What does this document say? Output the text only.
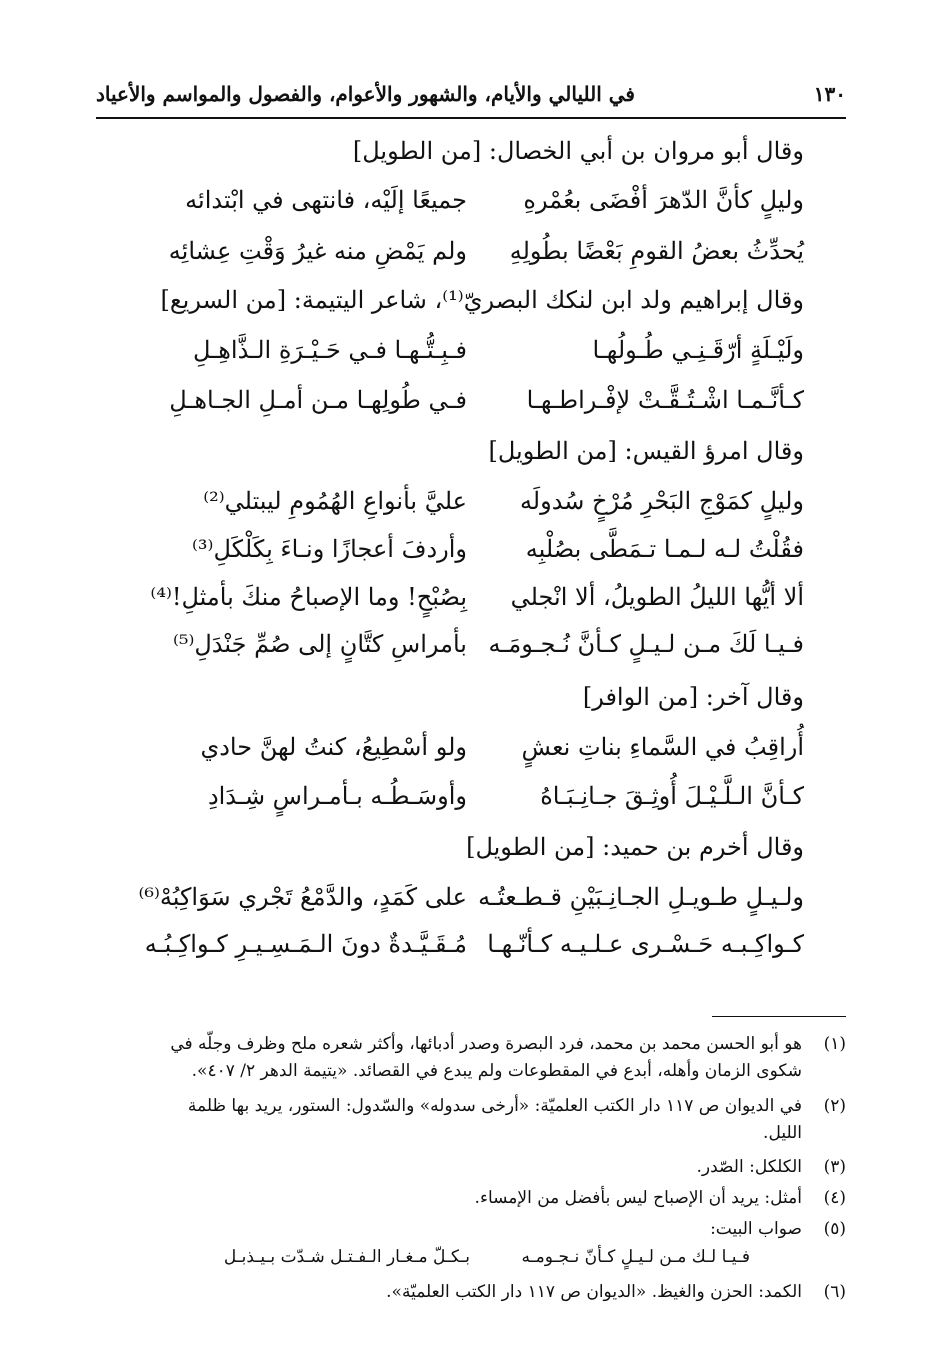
١٣٠
في الليالي والأيام، والشهور والأعوام، والفصول والمواسم والأعياد
وقال أبو مروان بن أبي الخصال: [من الطويل]
وليلٍ كأنَّ الدّهرَ أفْضَى بعُمْرهِ
جميعًا إلَيْه، فانتهى في ابْتدائه
يُحدِّثُ بعضُ القومِ بَعْضًا بطُولِهِ
ولم يَمْضِ منه غيرُ وَقْتِ عِشائِه
وقال إبراهيم ولد ابن لنكك البصريّ⁽¹⁾، شاعر اليتيمة: [من السريع]
ولَيْـلَةٍ أرّقَـنِـي طُـولُهـا
فـبِـتُّـهـا فـي حَـيْـرَةِ الـذَّاهِـلِ
كـأنَّـمـا اشْـتُـقَّـتْ لإفْـراطـهـا
فـي طُولِهـا مـن أمـلِ الجـاهـلِ
وقال امرؤ القيس: [من الطويل]
وليلٍ كمَوْجِ البَحْرِ مُرْخٍ سُدولَه
عليَّ بأنواعِ الهُمُومِ ليبتلي⁽²⁾
فقُلْتُ لـه لـمـا تـمَطَّى بصُلْبِه
وأردفَ أعجازًا ونـاءَ بِكَلْكَلِ⁽³⁾
ألا أيُّها الليلُ الطويلُ، ألا انْجلي
بِصُبْحٍ! وما الإصباحُ منكَ بأمثلِ!⁽⁴⁾
فـيـا لَكَ مـن لـيـلٍ كـأنَّ نُـجـومَـه
بأمراسِ كتَّانٍ إلى صُمِّ جَنْدَلِ⁽⁵⁾
وقال آخر: [من الوافر]
أُراقِبُ في السَّماءِ بناتِ نعشٍ
ولو أسْطِيعُ، كنتُ لهنَّ حادي
كـأنَّ الـلَّـيْـلَ أُوثِـقَ جـانِـبَـاهُ
وأوسَـطُـه بـأمـراسٍ شِـدَادِ
وقال أخرم بن حميد: [من الطويل]
ولـيـلٍ طـويـلِ الجـانِـبَيْنِ قـطـعتُـه
على كَمَدٍ، والدَّمْعُ تَجْري سَوَاكِبُهْ⁽⁶⁾
كـواكِـبـه حَـسْـرى عـلـيـه كـأنّـهـا
مُـقَـيَّـدةٌ دونَ الـمَـسِـيـرِ كـواكِـبُـه
(١)هو أبو الحسن محمد بن محمد، فرد البصرة وصدر أدبائها، وأكثر شعره ملح وظرف وجلّه في
شكوى الزمان وأهله، أبدع في المقطوعات ولم يبدع في القصائد. «يتيمة الدهر ٢/ ٤٠٧».
(٢)في الديوان ص ١١٧ دار الكتب العلميّة: «أرخى سدوله» والسّدول: الستور، يريد بها ظلمة
الليل.
(٣)الكلكل: الصّدر.
(٤)أمثل: يريد أن الإصباح ليس بأفضل من الإمساء.
(٥)صواب البيت:
فـيـا لـك مـن لـيـلٍ كـأنّ نـجـومـه
بـكـلّ مـغـار الـفـتـل شـدّت بـيـذبـل
(٦)الكمد: الحزن والغيظ. «الديوان ص ١١٧ دار الكتب العلميّة».
